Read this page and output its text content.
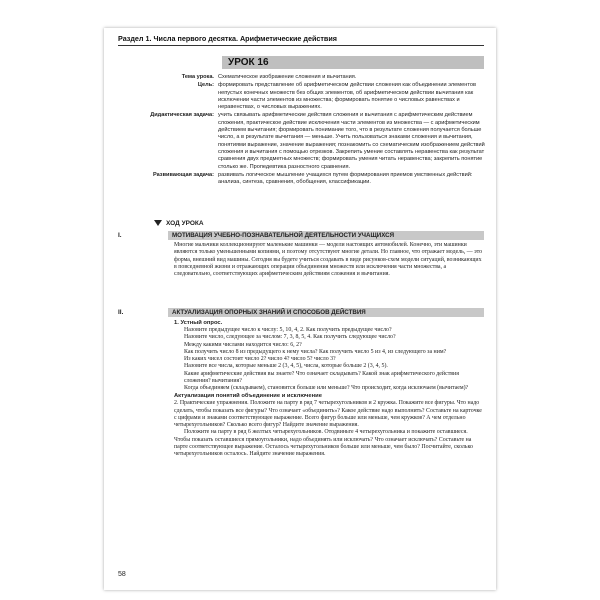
Раздел 1. Числа первого десятка. Арифметические действия
УРОК 16
Тема урока. Схематическое изображение сложения и вычитания.
Цель: формировать представление об арифметическом действии сложения как объединении элементов непустых конечных множеств без общих элементов, об арифметическом действии вычитания как исключении части элементов из множества; формировать понятие о числовых равенствах и неравенствах, о числовых выражениях.
Дидактическая задача: учить связывать арифметические действия сложения и вычитания с арифметическим действием сложения, практическое действие исключения части элементов из множества — с арифметическим действием вычитания; формировать понимание того, что в результате сложения получается больше число, а в результате вычитания — меньше. Учить пользоваться знаками сложения и вычитания, понятиями выражение, значение выражения; познакомить со схематическим изображением действий сложения и вычитания с помощью отрезков. Закрепить умение составлять неравенства как результат сравнения двух предметных множеств; формировать умения читать неравенства; закрепить понятие столько же. Пропедевтика разностного сравнения.
Развивающая задача: развивать логическое мышление учащихся путем формирования приемов умственных действий: анализа, синтеза, сравнения, обобщения, классификации.
ХОД УРОКА
I.	МОТИВАЦИЯ УЧЕБНО-ПОЗНАВАТЕЛЬНОЙ ДЕЯТЕЛЬНОСТИ УЧАЩИХСЯ
Многие мальчики коллекционируют маленькие машинки — модели настоящих автомобилей. Конечно, эти машинки являются только уменьшенными копиями, и поэтому отсутствуют многие детали. Но главное, что отражает модель, — это форма, внешний вид машины. Сегодня вы будете учиться создавать в виде рисунков-схем модели ситуаций, возникающих в повседневной жизни и отражающих операции объединения множеств или исключения части множества, а следовательно, соответствующих арифметическим действиям сложения и вычитания.
II.	АКТУАЛИЗАЦИЯ ОПОРНЫХ ЗНАНИЙ И СПОСОБОВ ДЕЙСТВИЯ
1. Устный опрос.

Назовите предыдущее число к числу: 5, 10, 4, 2. Как получить предыдущее число?

Назовите число, следующее за числом: 7, 3, 8, 5, 4. Как получить следующее число?

Между какими числами находится число: 6, 2?

Как получить число 8 из предыдущего к нему числа? Как получить число 5 из 4, из следующего за ним?

Из каких чисел состоит число 2? число 4? число 5? число 3?

Назовите все числа, которые меньше 2 (3, 4, 5), числа, которые больше 2 (3, 4, 5).

Какие арифметические действия вы знаете? Что означает складывать? Какой знак арифметического действия сложения? вычитания?

Когда объединяем (складываем), становится больше или меньше? Что происходит, когда исключаем (вычитаем)?

Актуализация понятий объединение и исключение
2. Практические упражнения. Положите на парту в ряд 7 четырехугольников и 2 кружка. Покажите все фигуры. Что надо сделать, чтобы показать все фигуры? Что означает «объединить»? Какое действие надо выполнить? Составьте на карточке с цифрами и знаками соответствующее выражение. Всего фигур больше или меньше, чем кружков? А чем отдельно четырехугольников? Сколько всего фигур? Найдите значение выражения.
Положите на парту в ряд 6 желтых четырехугольников. Отодвиньте 4 четырехугольника и покажите оставшиеся. Чтобы показать оставшиеся прямоугольники, надо объединять или исключать? Что означает исключать? Составьте на парте соответствующее выражение. Осталось четырехугольников больше или меньше, чем было? Посчитайте, сколько четырехугольников осталось. Найдите значение выражения.
58
